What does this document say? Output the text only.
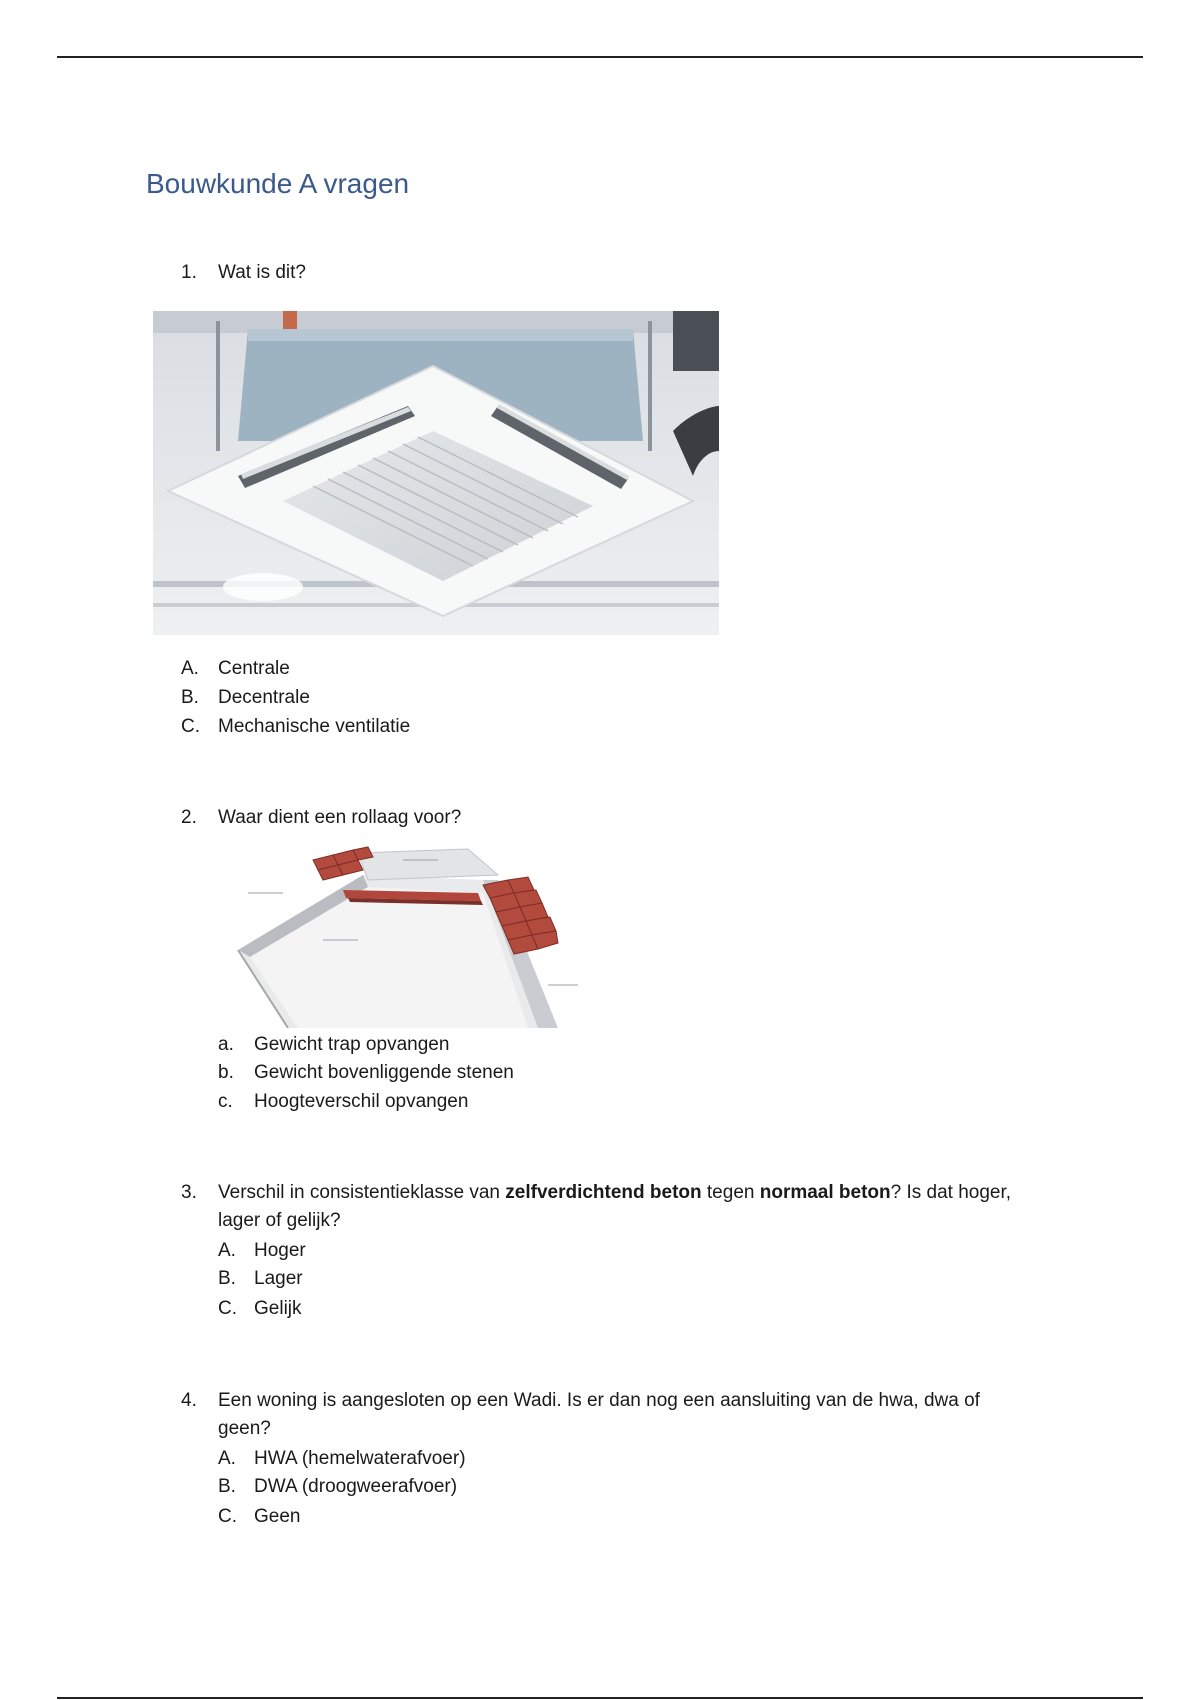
Bouwkunde A vragen
1. Wat is dit?
A. Centrale
B. Decentrale
C. Mechanische ventilatie
2. Waar dient een rollaag voor?
a. Gewicht trap opvangen
b. Gewicht bovenliggende stenen
c. Hoogteverschil opvangen
3. Verschil in consistentieklasse van zelfverdichtend beton tegen normaal beton? Is dat hoger,
lager of gelijk?
A. Hoger
B. Lager
C. Gelijk
4. Een woning is aangesloten op een Wadi. Is er dan nog een aansluiting van de hwa, dwa of
geen?
A. HWA (hemelwaterafvoer)
B. DWA (droogweerafvoer)
C. Geen
